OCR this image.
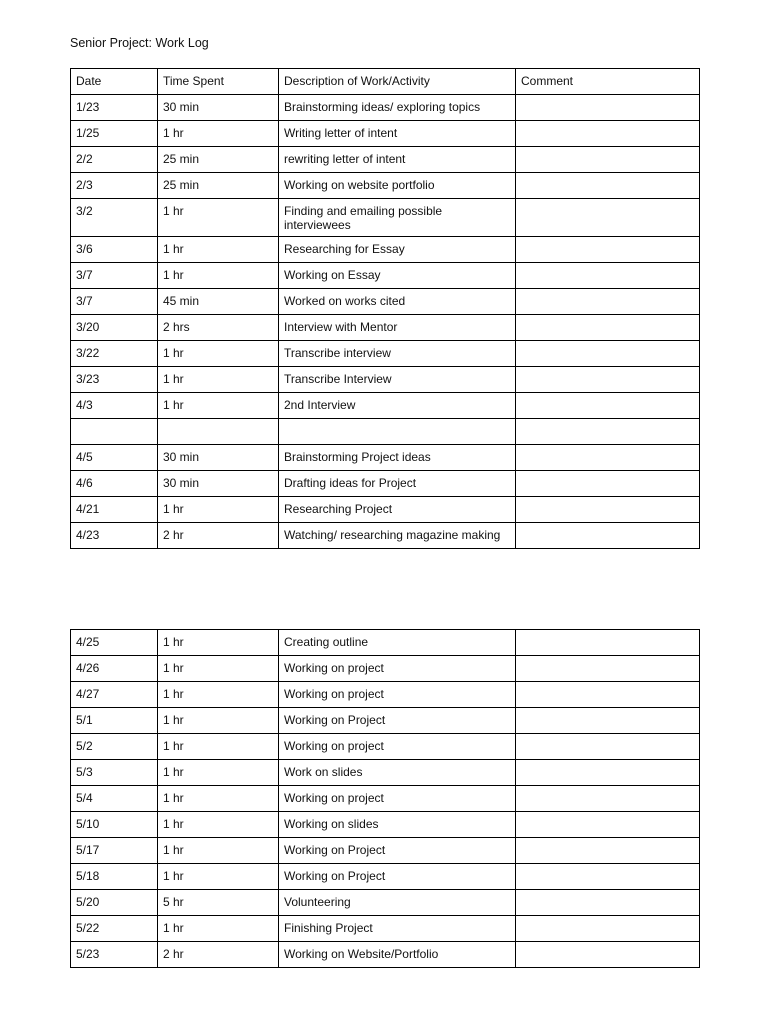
Senior Project: Work Log
Date	Time Spent	Description of Work/Activity	Comment
1/23	30 min	Brainstorming ideas/ exploring topics	
1/25	1 hr	Writing letter of intent	
2/2	25 min	rewriting letter of intent	
2/3	25 min	Working on website portfolio	
3/2	1 hr	Finding and emailing possible interviewees	
3/6	1 hr	Researching for Essay	
3/7	1 hr	Working on Essay	
3/7	45 min	Worked on works cited	
3/20	2 hrs	Interview with Mentor	
3/22	1 hr	Transcribe interview	
3/23	1 hr	Transcribe Interview	
4/3	1 hr	2nd Interview	

4/5	30 min	Brainstorming Project ideas	
4/6	30 min	Drafting ideas for Project	
4/21	1 hr	Researching Project	
4/23	2 hr	Watching/ researching magazine making	
4/25	1 hr	Creating outline	
4/26	1 hr	Working on project	
4/27	1 hr	Working on project	
5/1	1 hr	Working on Project	
5/2	1 hr	Working on project	
5/3	1 hr	Work on slides	
5/4	1 hr	Working on project	
5/10	1 hr	Working on slides	
5/17	1 hr	Working on Project	
5/18	1 hr	Working on Project	
5/20	5 hr	Volunteering	
5/22	1 hr	Finishing Project	
5/23	2 hr	Working on Website/Portfolio	
